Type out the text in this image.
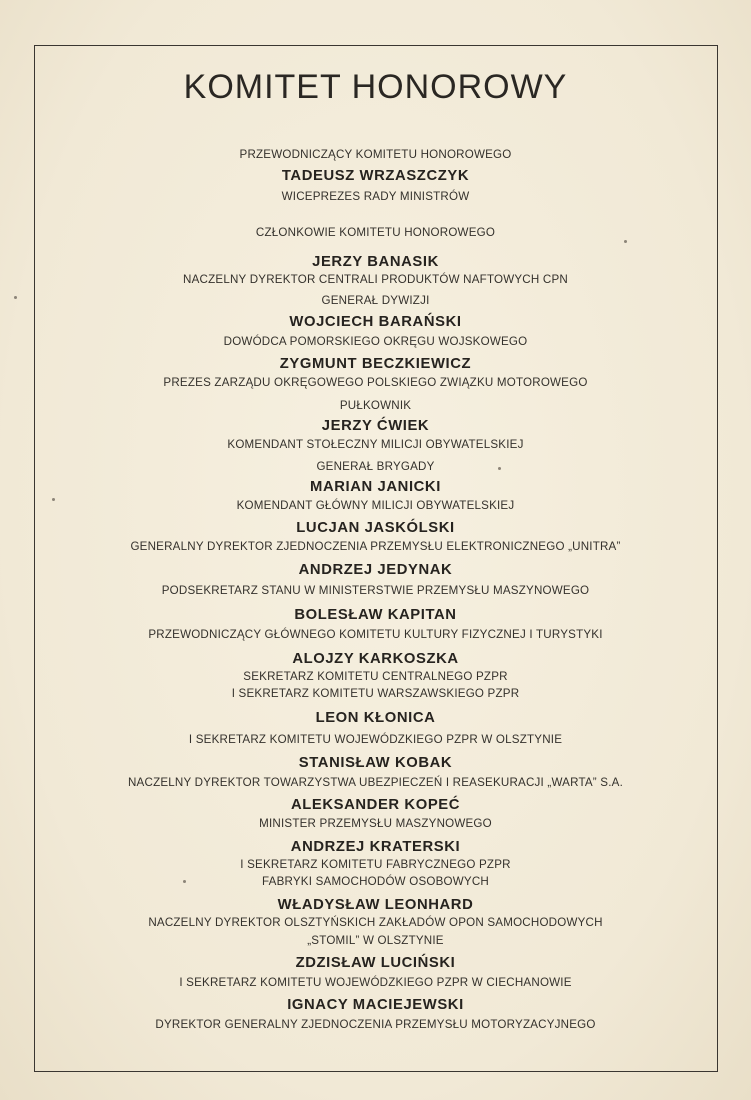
KOMITET HONOROWY
PRZEWODNICZĄCY KOMITETU HONOROWEGO
TADEUSZ WRZASZCZYK
WICEPREZES RADY MINISTRÓW
CZŁONKOWIE KOMITETU HONOROWEGO
JERZY BANASIK
NACZELNY DYREKTOR CENTRALI PRODUKTÓW NAFTOWYCH CPN
GENERAŁ DYWIZJI
WOJCIECH BARAŃSKI
DOWÓDCA POMORSKIEGO OKRĘGU WOJSKOWEGO
ZYGMUNT BECZKIEWICZ
PREZES ZARZĄDU OKRĘGOWEGO POLSKIEGO ZWIĄZKU MOTOROWEGO
PUŁKOWNIK
JERZY ĆWIEK
KOMENDANT STOŁECZNY MILICJI OBYWATELSKIEJ
GENERAŁ BRYGADY
MARIAN JANICKI
KOMENDANT GŁÓWNY MILICJI OBYWATELSKIEJ
LUCJAN JASKÓLSKI
GENERALNY DYREKTOR ZJEDNOCZENIA PRZEMYSŁU ELEKTRONICZNEGO „UNITRA”
ANDRZEJ JEDYNAK
PODSEKRETARZ STANU W MINISTERSTWIE PRZEMYSŁU MASZYNOWEGO
BOLESŁAW KAPITAN
PRZEWODNICZĄCY GŁÓWNEGO KOMITETU KULTURY FIZYCZNEJ I TURYSTYKI
ALOJZY KARKOSZKA
SEKRETARZ KOMITETU CENTRALNEGO PZPR
I SEKRETARZ KOMITETU WARSZAWSKIEGO PZPR
LEON KŁONICA
I SEKRETARZ KOMITETU WOJEWÓDZKIEGO PZPR W OLSZTYNIE
STANISŁAW KOBAK
NACZELNY DYREKTOR TOWARZYSTWA UBEZPIECZEŃ I REASEKURACJI „WARTA” S.A.
ALEKSANDER KOPEĆ
MINISTER PRZEMYSŁU MASZYNOWEGO
ANDRZEJ KRATERSKI
I SEKRETARZ KOMITETU FABRYCZNEGO PZPR
FABRYKI SAMOCHODÓW OSOBOWYCH
WŁADYSŁAW LEONHARD
NACZELNY DYREKTOR OLSZTYŃSKICH ZAKŁADÓW OPON SAMOCHODOWYCH
„STOMIL” W OLSZTYNIE
ZDZISŁAW LUCIŃSKI
I SEKRETARZ KOMITETU WOJEWÓDZKIEGO PZPR W CIECHANOWIE
IGNACY MACIEJEWSKI
DYREKTOR GENERALNY ZJEDNOCZENIA PRZEMYSŁU MOTORYZACYJNEGO
